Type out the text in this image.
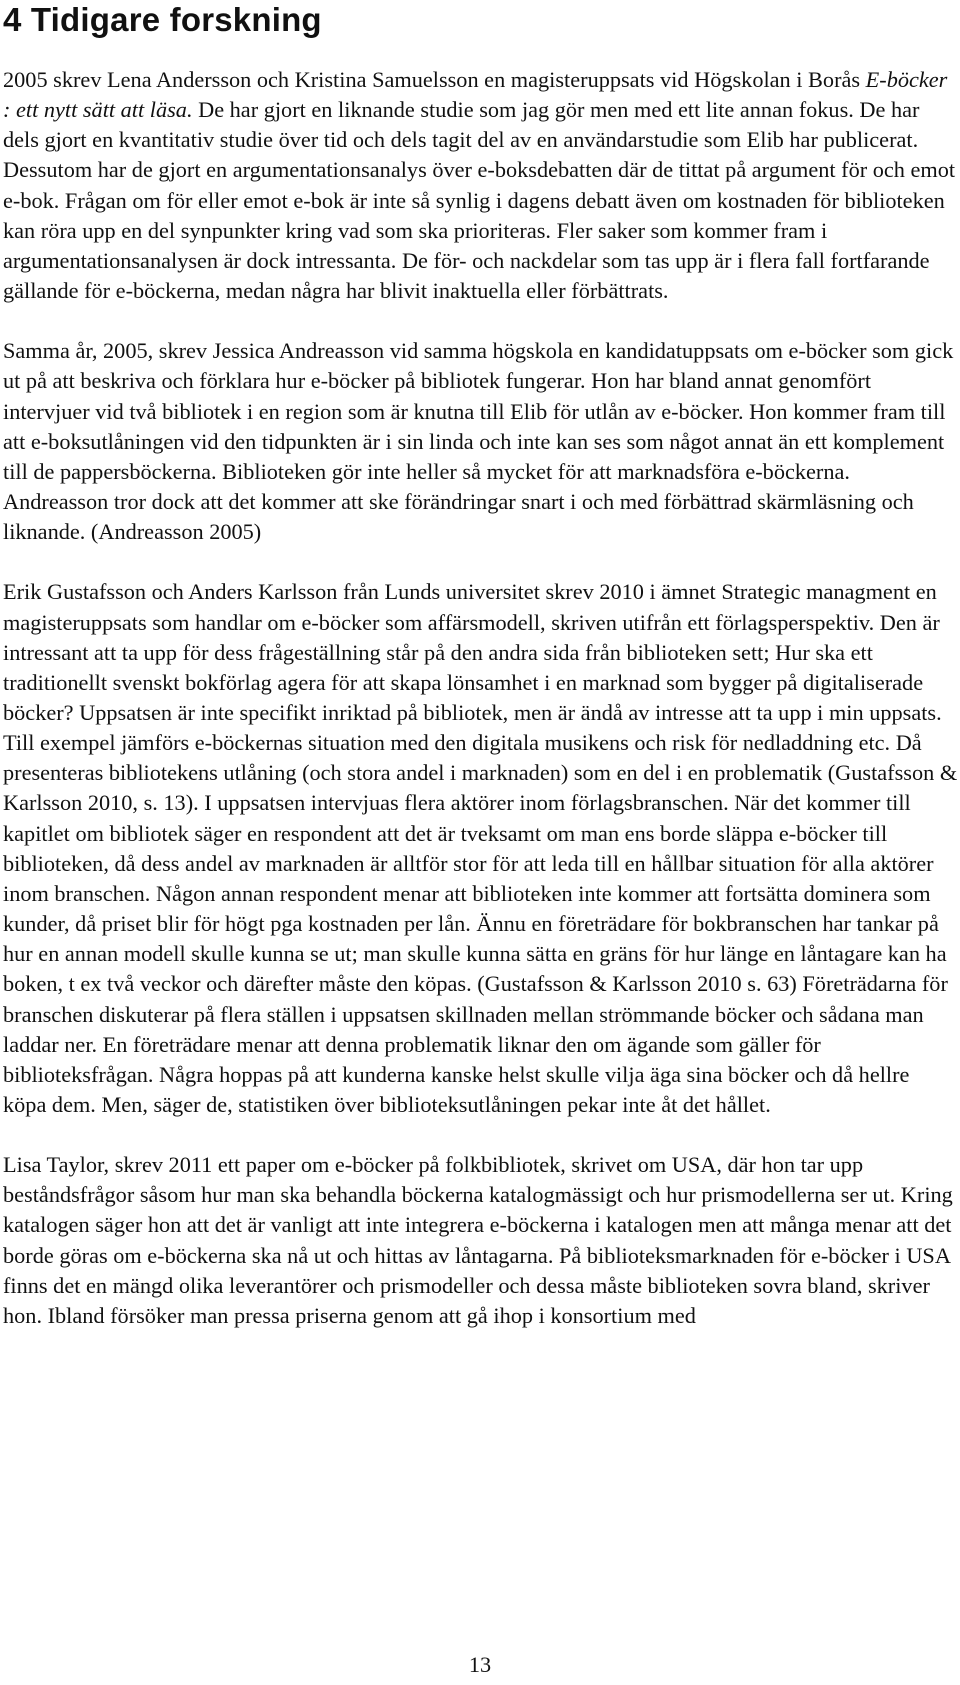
4 Tidigare forskning

2005 skrev Lena Andersson och Kristina Samuelsson en magisteruppsats vid Högskolan i Borås E-böcker : ett nytt sätt att läsa. De har gjort en liknande studie som jag gör men med ett lite annan fokus. De har dels gjort en kvantitativ studie över tid och dels tagit del av en användarstudie som Elib har publicerat. Dessutom har de gjort en argumentationsanalys över e-boksdebatten där de tittat på argument för och emot e-bok. Frågan om för eller emot e-bok är inte så synlig i dagens debatt även om kostnaden för biblioteken kan röra upp en del synpunkter kring vad som ska prioriteras. Fler saker som kommer fram i argumentationsanalysen är dock intressanta. De för- och nackdelar som tas upp är i flera fall fortfarande gällande för e-böckerna, medan några har blivit inaktuella eller förbättrats.

Samma år, 2005, skrev Jessica Andreasson vid samma högskola en kandidatuppsats om e-böcker som gick ut på att beskriva och förklara hur e-böcker på bibliotek fungerar. Hon har bland annat genomfört intervjuer vid två bibliotek i en region som är knutna till Elib för utlån av e-böcker. Hon kommer fram till att e-boksutlåningen vid den tidpunkten är i sin linda och inte kan ses som något annat än ett komplement till de pappersböckerna. Biblioteken gör inte heller så mycket för att marknadsföra e-böckerna. Andreasson tror dock att det kommer att ske förändringar snart i och med förbättrad skärmläsning och liknande. (Andreasson 2005)

Erik Gustafsson och Anders Karlsson från Lunds universitet skrev 2010 i ämnet Strategic managment en magisteruppsats som handlar om e-böcker som affärsmodell, skriven utifrån ett förlagsperspektiv. Den är intressant att ta upp för dess frågeställning står på den andra sida från biblioteken sett; Hur ska ett traditionellt svenskt bokförlag agera för att skapa lönsamhet i en marknad som bygger på digitaliserade böcker? Uppsatsen är inte specifikt inriktad på bibliotek, men är ändå av intresse att ta upp i min uppsats. Till exempel jämförs e-böckernas situation med den digitala musikens och risk för nedladdning etc. Då presenteras bibliotekens utlåning (och stora andel i marknaden) som en del i en problematik (Gustafsson & Karlsson 2010, s. 13). I uppsatsen intervjuas flera aktörer inom förlagsbranschen. När det kommer till kapitlet om bibliotek säger en respondent att det är tveksamt om man ens borde släppa e-böcker till biblioteken, då dess andel av marknaden är alltför stor för att leda till en hållbar situation för alla aktörer inom branschen. Någon annan respondent menar att biblioteken inte kommer att fortsätta dominera som kunder, då priset blir för högt pga kostnaden per lån. Ännu en företrädare för bokbranschen har tankar på hur en annan modell skulle kunna se ut; man skulle kunna sätta en gräns för hur länge en låntagare kan ha boken, t ex två veckor och därefter måste den köpas. (Gustafsson & Karlsson 2010 s. 63) Företrädarna för branschen diskuterar på flera ställen i uppsatsen skillnaden mellan strömmande böcker och sådana man laddar ner. En företrädare menar att denna problematik liknar den om ägande som gäller för biblioteksfrågan. Några hoppas på att kunderna kanske helst skulle vilja äga sina böcker och då hellre köpa dem. Men, säger de, statistiken över biblioteksutlåningen pekar inte åt det hållet.

Lisa Taylor, skrev 2011 ett paper om e-böcker på folkbibliotek, skrivet om USA, där hon tar upp beståndsfrågor såsom hur man ska behandla böckerna katalogmässigt och hur prismodellerna ser ut. Kring katalogen säger hon att det är vanligt att inte integrera e-böckerna i katalogen men att många menar att det borde göras om e-böckerna ska nå ut och hittas av låntagarna. På biblioteksmarknaden för e-böcker i USA finns det en mängd olika leverantörer och prismodeller och dessa måste biblioteken sovra bland, skriver hon. Ibland försöker man pressa priserna genom att gå ihop i konsortium med

13
